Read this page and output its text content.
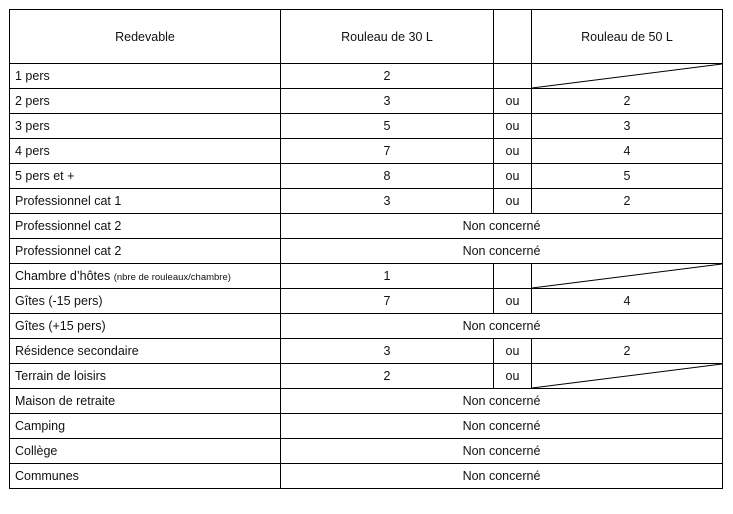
Redevable	Rouleau de 30 L		Rouleau de 50 L
1 pers	2		

2 pers	3	ou	2
3 pers	5	ou	3
4 pers	7	ou	4
5 pers et +	8	ou	5
Professionnel cat 1	3	ou	2
Professionnel cat 2	Non concerné		
Professionnel cat 2	Non concerné		
Chambre d’hôtes (nbre de rouleaux/chambre)	1		

Gîtes (-15 pers)	7	ou	4
Gîtes (+15 pers)	Non concerné		
Résidence secondaire	3	ou	2
Terrain de loisirs	2	ou	

Maison de retraite	Non concerné		
Camping	Non concerné		
Collège	Non concerné		
Communes	Non concerné		
